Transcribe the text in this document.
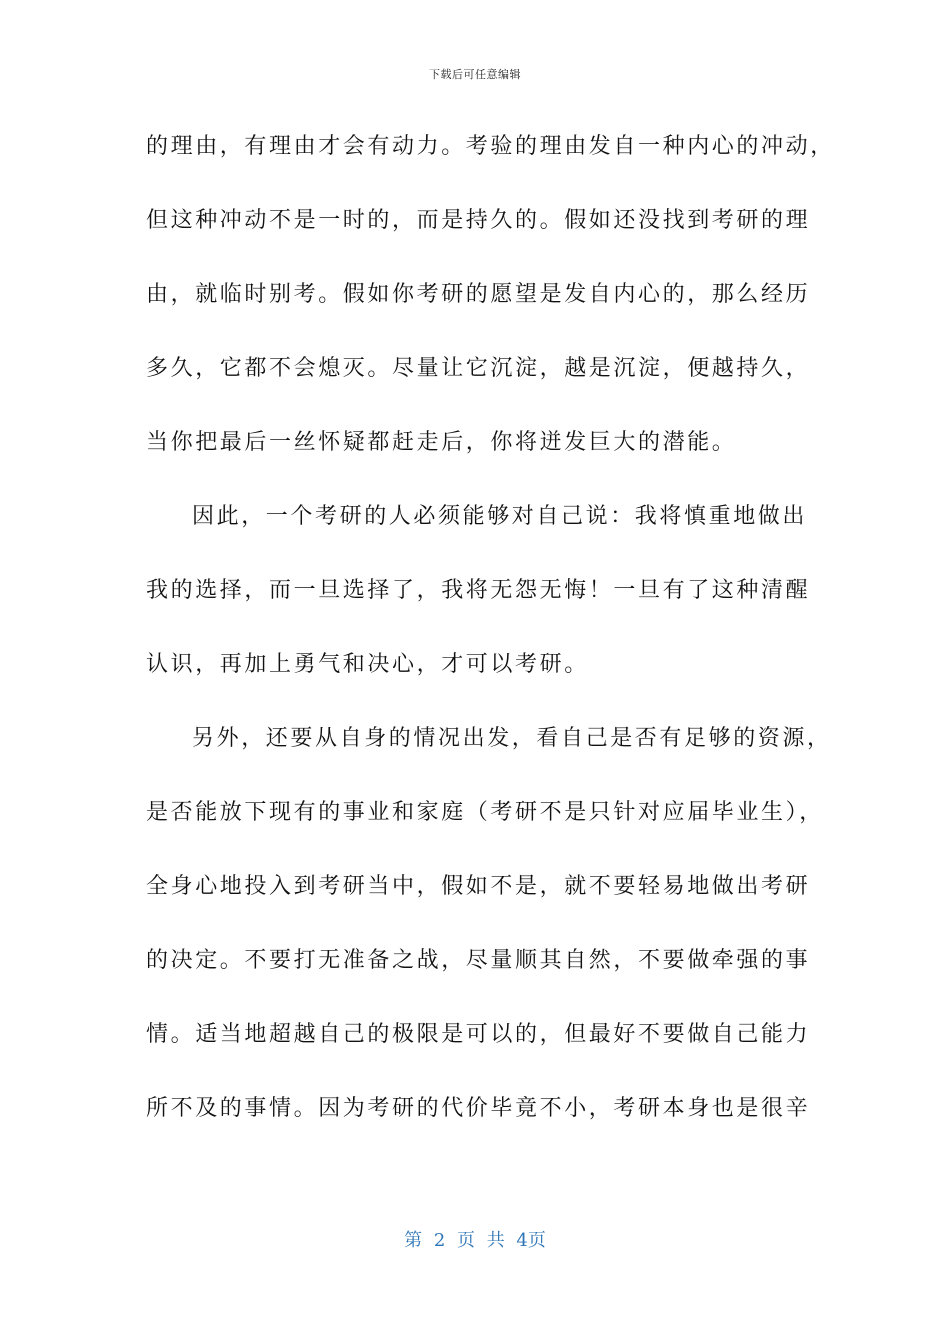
下载后可任意编辑
的理由，有理由才会有动力。考验的理由发自一种内心的冲动，
但这种冲动不是一时的，而是持久的。假如还没找到考研的理
由，就临时别考。假如你考研的愿望是发自内心的，那么经历
多久，它都不会熄灭。尽量让它沉淀，越是沉淀，便越持久，
当你把最后一丝怀疑都赶走后，你将迸发巨大的潜能。
因此，一个考研的人必须能够对自己说：我将慎重地做出
我的选择，而一旦选择了，我将无怨无悔！一旦有了这种清醒
认识，再加上勇气和决心，才可以考研。
另外，还要从自身的情况出发，看自己是否有足够的资源，
是否能放下现有的事业和家庭（考研不是只针对应届毕业生），
全身心地投入到考研当中，假如不是，就不要轻易地做出考研
的决定。不要打无准备之战，尽量顺其自然，不要做牵强的事
情。适当地超越自己的极限是可以的，但最好不要做自己能力
所不及的事情。因为考研的代价毕竟不小，考研本身也是很辛
第 2 页 共 4页
